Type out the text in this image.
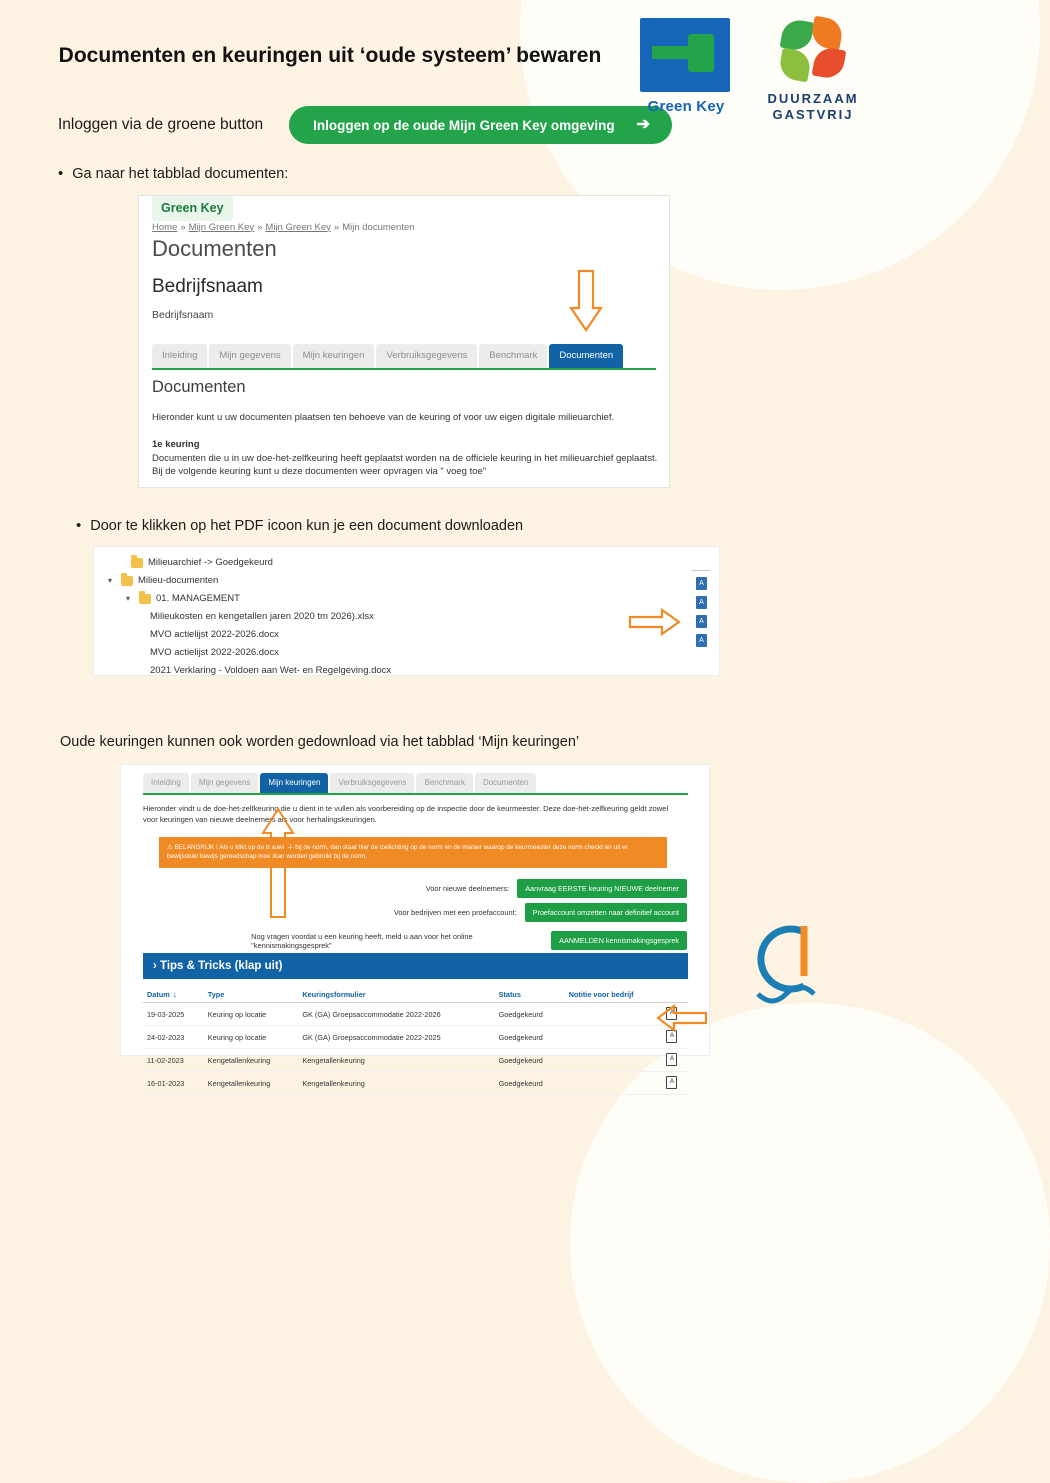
Green Key	DUURZAAM
GASTVRIJ
Documenten en keuringen uit ‘oude systeem’ bewaren
Inloggen via de groene button	Inloggen op de oude Mijn Green Key omgeving ➔
• Ga naar het tabblad documenten:
Green Key
Home » Mijn Green Key » Mijn Green Key » Mijn documenten
Documenten
Bedrijfsnaam
Bedrijfsnaam
Inleiding	Mijn gegevens	Mijn keuringen	Verbruiksgegevens	Benchmark	Documenten
Documenten
Hieronder kunt u uw documenten plaatsen ten behoeve van de keuring of voor uw eigen digitale milieuarchief.
1e keuring
Documenten die u in uw doe-het-zelfkeuring heeft geplaatst worden na de officiele keuring in het milieuarchief geplaatst. Bij de volgende keuring kunt u deze documenten weer opvragen via " voeg toe"
• Door te klikken op het PDF icoon kun je een document downloaden
Milieuarchief -> Goedgekeurd
▾	Milieu-documenten
▾	01. MANAGEMENT
Milieukosten en kengetallen jaren 2020 tm 2026).xlsx
MVO actielijst 2022-2026.docx
MVO actielijst 2022-2026.docx
2021 Verklaring - Voldoen aan Wet- en Regelgeving.docx
A
A
A
A
Oude keuringen kunnen ook worden gedownload via het tabblad ‘Mijn keuringen’
Inleiding	Mijn gegevens	Mijn keuringen	Verbruiksgegevens	Benchmark	Documenten
Hieronder vindt u de doe-het-zelfkeuring die u dient in te vullen als voorbereiding op de inspectie door de keurmeester. Deze doe-het-zelfkeuring geldt zowel voor keuringen van nieuwe deelnemers als voor herhalingskeuringen.
⚠ BELANGRIJK ! Als u klikt op de blauwe -i- bij de norm, dan staat hier de toelichting op de norm en de manier waarop de keurmeester deze norm checkt en uit er bewijsstuk/ bewijs gereedschap moet/kan worden gebruikt bij de norm.
Voor nieuwe deelnemers:	Aanvraag EERSTE keuring NIEUWE deelnemer
Voor bedrijven met een proefaccount:	Proefaccount omzetten naar definitief account
Nog vragen voordat u een keuring heeft, meld u aan voor het online "kennismakingsgesprek"	AANMELDEN kennismakingsgesprek
› Tips & Tricks (klap uit)
Datum ↓	Type	Keuringsformulier	Status	Notitie voor bedrijf	
19-03-2025	Keuring op locatie	GK (GA) Groepsaccommodatie 2022-2026	Goedgekeurd		A
24-02-2023	Keuring op locatie	GK (GA) Groepsaccommodatie 2022-2025	Goedgekeurd		A
11-02-2023	Kengetallenkeuring	Kengetallenkeuring	Goedgekeurd		A
16-01-2023	Kengetallenkeuring	Kengetallenkeuring	Goedgekeurd		A
